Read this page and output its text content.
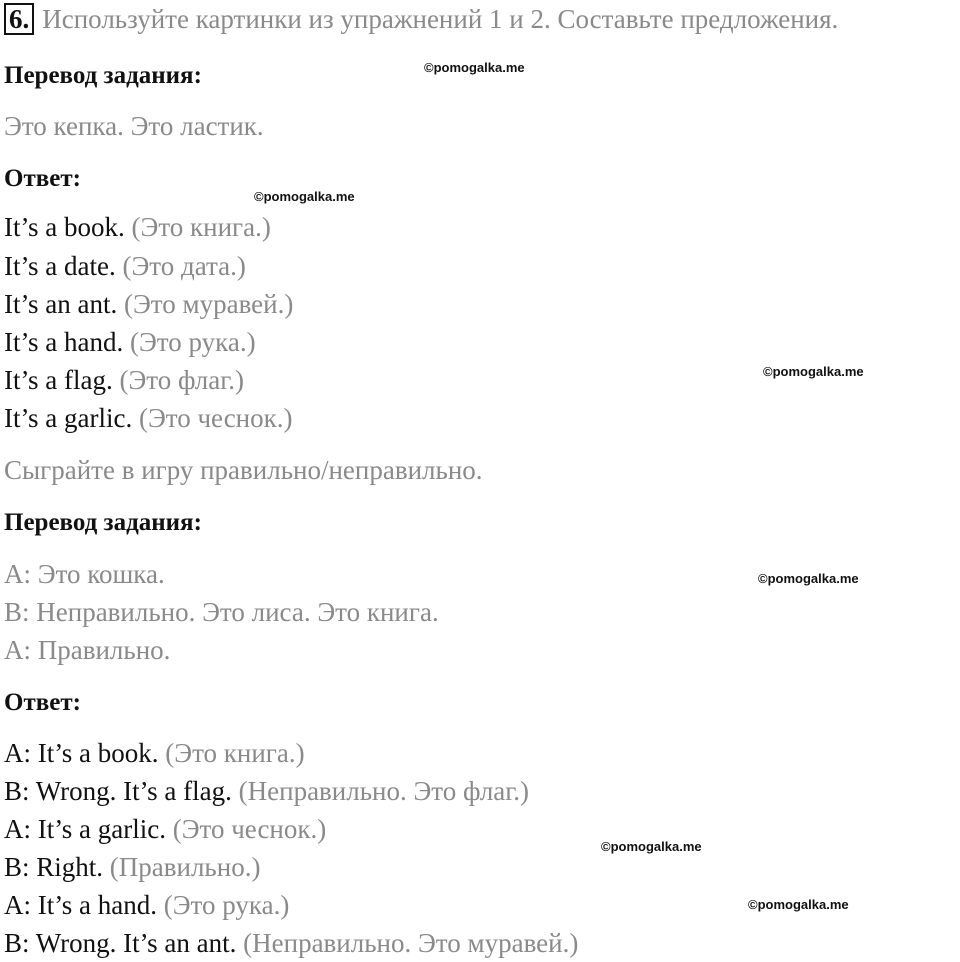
6. Используйте картинки из упражнений 1 и 2. Составьте предложения.
Перевод задания:
Это кепка. Это ластик.
Ответ:
It’s a book. (Это книга.)
It’s a date. (Это дата.)
It’s an ant. (Это муравей.)
It’s a hand. (Это рука.)
It’s a flag. (Это флаг.)
It’s a garlic. (Это чеснок.)
Сыграйте в игру правильно/неправильно.
Перевод задания:
A: Это кошка.
B: Неправильно. Это лиса. Это книга.
A: Правильно.
Ответ:
A: It’s a book. (Это книга.)
B: Wrong. It’s a flag. (Неправильно. Это флаг.)
A: It’s a garlic. (Это чеснок.)
B: Right. (Правильно.)
A: It’s a hand. (Это рука.)
B: Wrong. It’s an ant. (Неправильно. Это муравей.)
©pomogalka.me
©pomogalka.me
©pomogalka.me
©pomogalka.me
©pomogalka.me
©pomogalka.me
